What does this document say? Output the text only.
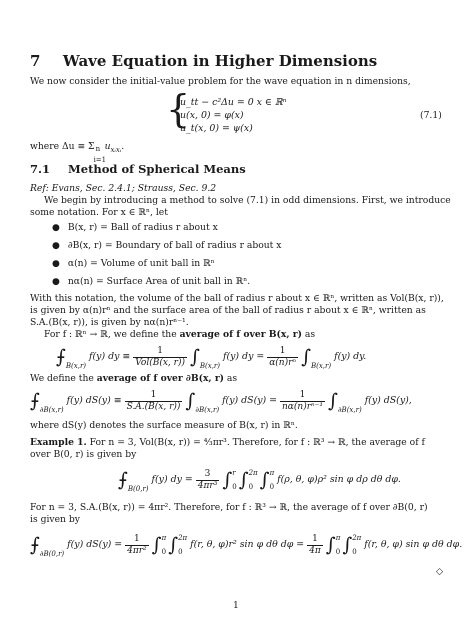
7 Wave Equation in Higher Dimensions
We now consider the initial-value problem for the wave equation in n dimensions,
{
u_tt − c²Δu = 0 x ∈ ℝⁿ
u(x, 0) = φ(x)
u_t(x, 0) = ψ(x)
(7.1)
where Δu ≡ Σ n
i=1
$u_{xᵢxᵢ}$.
7.1 Method of Spherical Means
Ref: Evans, Sec. 2.4.1; Strauss, Sec. 9.2
We begin by introducing a method to solve (7.1) in odd dimensions. First, we introduce
some notation. For x ∈ ℝⁿ, let
● B(x, r) = Ball of radius r about x
● ∂B(x, r) = Boundary of ball of radius r about x
● α(n) = Volume of unit ball in ℝⁿ
● nα(n) = Surface Area of unit ball in ℝⁿ.
With this notation, the volume of the ball of radius r about x ∈ ℝⁿ, written as Vol(B(x, r)),
is given by α(n)rⁿ and the surface area of the ball of radius r about x ∈ ℝⁿ, written as
S.A.(B(x, r)), is given by nα(n)rⁿ⁻¹.
For f : ℝⁿ → ℝ, we define the average of f over B(x, r) as
⨍ B(x,r)
f(y) dy ≡ $\frac{1}{\text{Vol(B(x, r))}}$ ∫ B(x,r)
f(y) dy = $\frac{1}{\text{α(n)rⁿ}}$ ∫ B(x,r)
f(y) dy.
We define the average of f over ∂B(x, r) as
⨍ ∂B(x,r)
f(y) $dS(y) \equiv \frac{1}{S.A.(B(x, r))}$ ∫ ∂B(x,r)
f(y) $dS(y) = \frac{1}{\text{nα(n)rⁿ⁻¹}}$ ∫ ∂B(x,r)
f(y) dS(y),
where dS(y) denotes the surface measure of B(x, r) in ℝⁿ.
Example 1. For n = 3, Vol(B(x, r)) = ⁴⁄₃πr³. Therefore, for f : ℝ³ → ℝ, the average of f
over B(0, r) is given by
⨍ B(0,r)
f(y) dy = $\frac{3}{\text{4πr³}}$ ∫ r
0 ∫ 2π
0 ∫ π
0
f(ρ, θ, φ)ρ² sin φ dρ dθ dφ.
For n = 3, S.A.(B(x, r)) = 4πr². Therefore, for f : ℝ³ → ℝ, the average of f over ∂B(0, r)
is given by
⨍ ∂B(0,r)
f(y) $dS(y) = \frac{1}{\text{4πr²}}$ ∫ π
0 ∫ 2π
0
f(r, θ, φ)r² sin φ dθ $d\varphi = \frac{1}{4\pi}$ ∫ π
0 ∫ 2π
0
f(r, θ, φ) sin φ dθ dφ.
◇
1
